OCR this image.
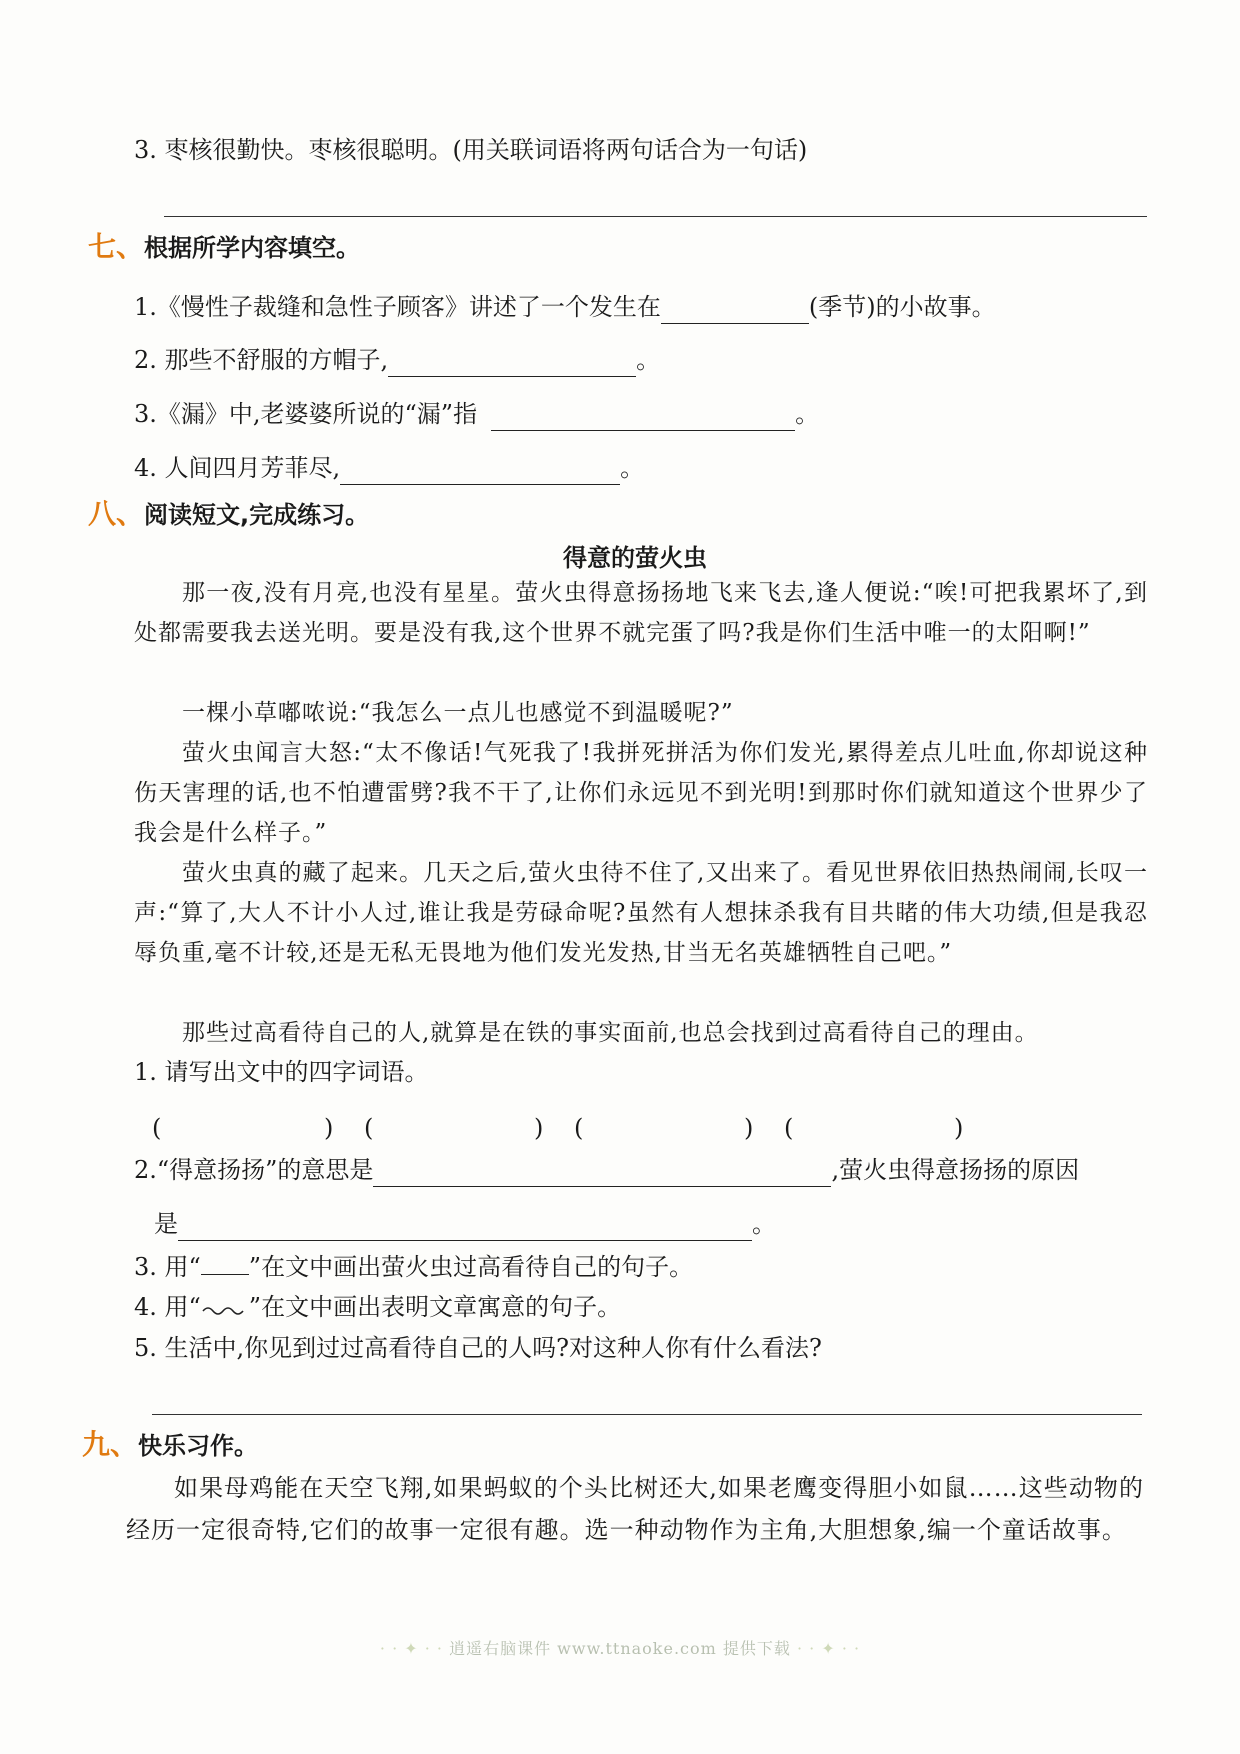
3. 枣核很勤快。枣核很聪明。(用关联词语将两句话合为一句话)
七、根据所学内容填空。
1.《慢性子裁缝和急性子顾客》讲述了一个发生在	(季节)的小故事。
2. 那些不舒服的方帽子,	。
3.《漏》中,老婆婆所说的“漏”指	。
4. 人间四月芳菲尽,	。
八、阅读短文,完成练习。
得意的萤火虫
那一夜,没有月亮,也没有星星。萤火虫得意扬扬地飞来飞去,逢人便说:“唉!可把我累坏了,到处都需要我去送光明。要是没有我,这个世界不就完蛋了吗?我是你们生活中唯一的太阳啊!”
一棵小草嘟哝说:“我怎么一点儿也感觉不到温暖呢?”
萤火虫闻言大怒:“太不像话!气死我了!我拼死拼活为你们发光,累得差点儿吐血,你却说这种伤天害理的话,也不怕遭雷劈?我不干了,让你们永远见不到光明!到那时你们就知道这个世界少了我会是什么样子。”
萤火虫真的藏了起来。几天之后,萤火虫待不住了,又出来了。看见世界依旧热热闹闹,长叹一声:“算了,大人不计小人过,谁让我是劳碌命呢?虽然有人想抹杀我有目共睹的伟大功绩,但是我忍辱负重,毫不计较,还是无私无畏地为他们发光发热,甘当无名英雄牺牲自己吧。”
那些过高看待自己的人,就算是在铁的事实面前,也总会找到过高看待自己的理由。
1. 请写出文中的四字词语。
(	) (	) (	) (	)
2.“得意扬扬”的意思是	,萤火虫得意扬扬的原因
是	。
3. 用“ ”在文中画出萤火虫过高看待自己的句子。
4. 用“ ”在文中画出表明文章寓意的句子。
5. 生活中,你见到过过高看待自己的人吗?对这种人你有什么看法?
九、快乐习作。
如果母鸡能在天空飞翔,如果蚂蚁的个头比树还大,如果老鹰变得胆小如鼠……这些动物的经历一定很奇特,它们的故事一定很有趣。选一种动物作为主角,大胆想象,编一个童话故事。
· · ✦ · · 逍遥右脑课件 www.ttnaoke.com 提供下载 · · ✦ · ·
